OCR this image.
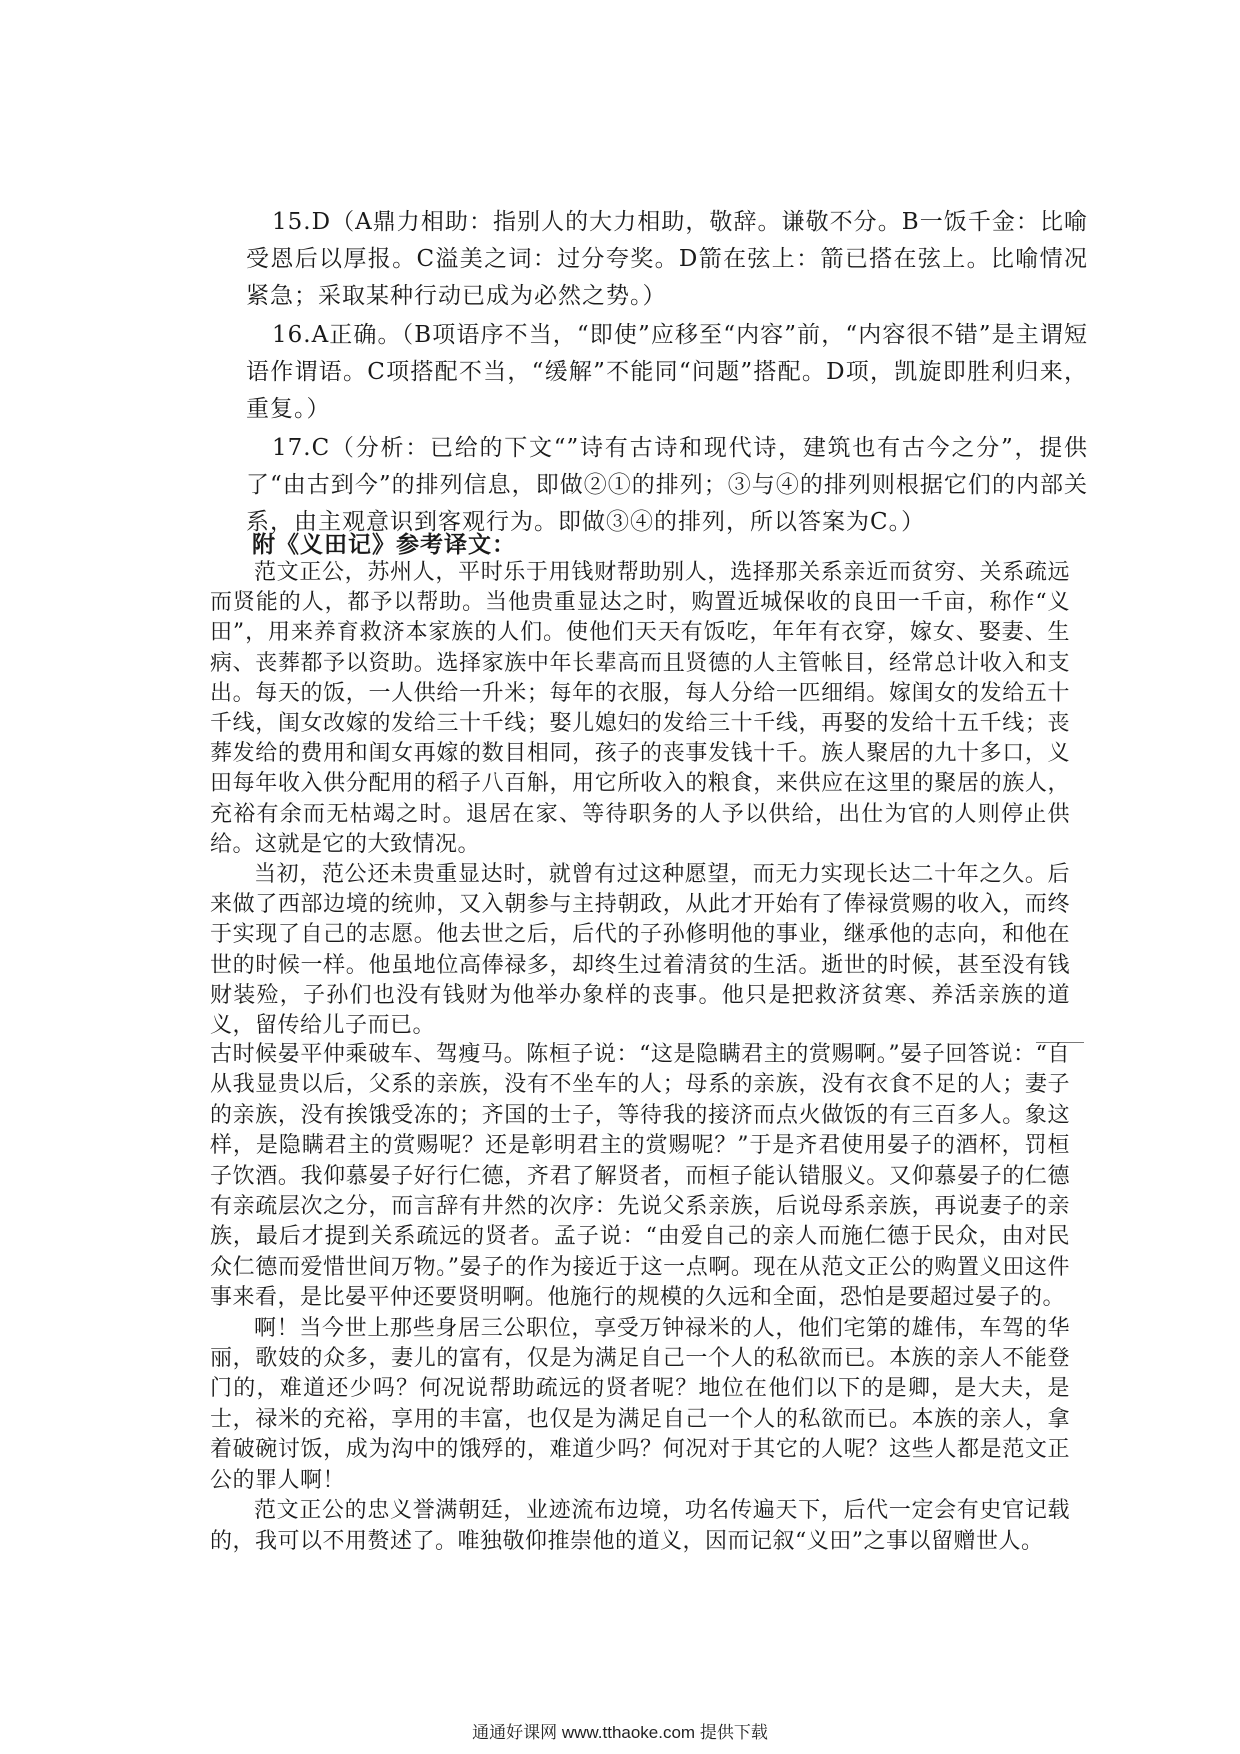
15.D（A鼎力相助：指别人的大力相助，敬辞。谦敬不分。B一饭千金：比喻受恩后以厚报。C溢美之词：过分夸奖。D箭在弦上：箭已搭在弦上。比喻情况紧急；采取某种行动已成为必然之势。）

16.A正确。（B项语序不当，“即使”应移至“内容”前，“内容很不错”是主谓短语作谓语。C项搭配不当，“缓解”不能同“问题”搭配。D项，凯旋即胜利归来，重复。）

17.C（分析：已给的下文“”诗有古诗和现代诗，建筑也有古今之分”，提供了“由古到今”的排列信息，即做②①的排列；③与④的排列则根据它们的内部关系，由主观意识到客观行为。即做③④的排列，所以答案为C。）

附《义田记》参考译文：

范文正公，苏州人，平时乐于用钱财帮助别人，选择那关系亲近而贫穷、关系疏远而贤能的人，都予以帮助。当他贵重显达之时，购置近城保收的良田一千亩，称作“义田”，用来养育救济本家族的人们。使他们天天有饭吃，年年有衣穿，嫁女、娶妻、生病、丧葬都予以资助。选择家族中年长辈高而且贤德的人主管帐目，经常总计收入和支出。每天的饭，一人供给一升米；每年的衣服，每人分给一匹细绢。嫁闺女的发给五十千线，闺女改嫁的发给三十千线；娶儿媳妇的发给三十千线，再娶的发给十五千线；丧葬发给的费用和闺女再嫁的数目相同，孩子的丧事发钱十千。族人聚居的九十多口，义田每年收入供分配用的稻子八百斛，用它所收入的粮食，来供应在这里的聚居的族人，充裕有余而无枯竭之时。退居在家、等待职务的人予以供给，出仕为官的人则停止供给。这就是它的大致情况。

当初，范公还未贵重显达时，就曾有过这种愿望，而无力实现长达二十年之久。后来做了西部边境的统帅，又入朝参与主持朝政，从此才开始有了俸禄赏赐的收入，而终于实现了自己的志愿。他去世之后，后代的子孙修明他的事业，继承他的志向，和他在世的时候一样。他虽地位高俸禄多，却终生过着清贫的生活。逝世的时候，甚至没有钱财装殓，子孙们也没有钱财为他举办象样的丧事。他只是把救济贫寒、养活亲族的道义，留传给儿子而已。

古时候晏平仲乘破车、驾瘦马。陈桓子说：“这是隐瞒君主的赏赐啊。”晏子回答说：“自从我显贵以后，父系的亲族，没有不坐车的人；母系的亲族，没有衣食不足的人；妻子的亲族，没有挨饿受冻的；齐国的士子，等待我的接济而点火做饭的有三百多人。象这样，是隐瞒君主的赏赐呢？还是彰明君主的赏赐呢？”于是齐君使用晏子的酒杯，罚桓子饮酒。我仰慕晏子好行仁德，齐君了解贤者，而桓子能认错服义。又仰慕晏子的仁德有亲疏层次之分，而言辞有井然的次序：先说父系亲族，后说母系亲族，再说妻子的亲族，最后才提到关系疏远的贤者。孟子说：“由爱自己的亲人而施仁德于民众，由对民众仁德而爱惜世间万物。”晏子的作为接近于这一点啊。现在从范文正公的购置义田这件事来看，是比晏平仲还要贤明啊。他施行的规模的久远和全面，恐怕是要超过晏子的。

啊！当今世上那些身居三公职位，享受万钟禄米的人，他们宅第的雄伟，车驾的华丽，歌妓的众多，妻儿的富有，仅是为满足自己一个人的私欲而已。本族的亲人不能登门的，难道还少吗？何况说帮助疏远的贤者呢？地位在他们以下的是卿，是大夫，是士，禄米的充裕，享用的丰富，也仅是为满足自己一个人的私欲而已。本族的亲人，拿着破碗讨饭，成为沟中的饿殍的，难道少吗？何况对于其它的人呢？这些人都是范文正公的罪人啊！

范文正公的忠义誉满朝廷，业迹流布边境，功名传遍天下，后代一定会有史官记载的，我可以不用赘述了。唯独敬仰推崇他的道义，因而记叙“义田”之事以留赠世人。

通通好课网 www.tthaoke.com 提供下载
